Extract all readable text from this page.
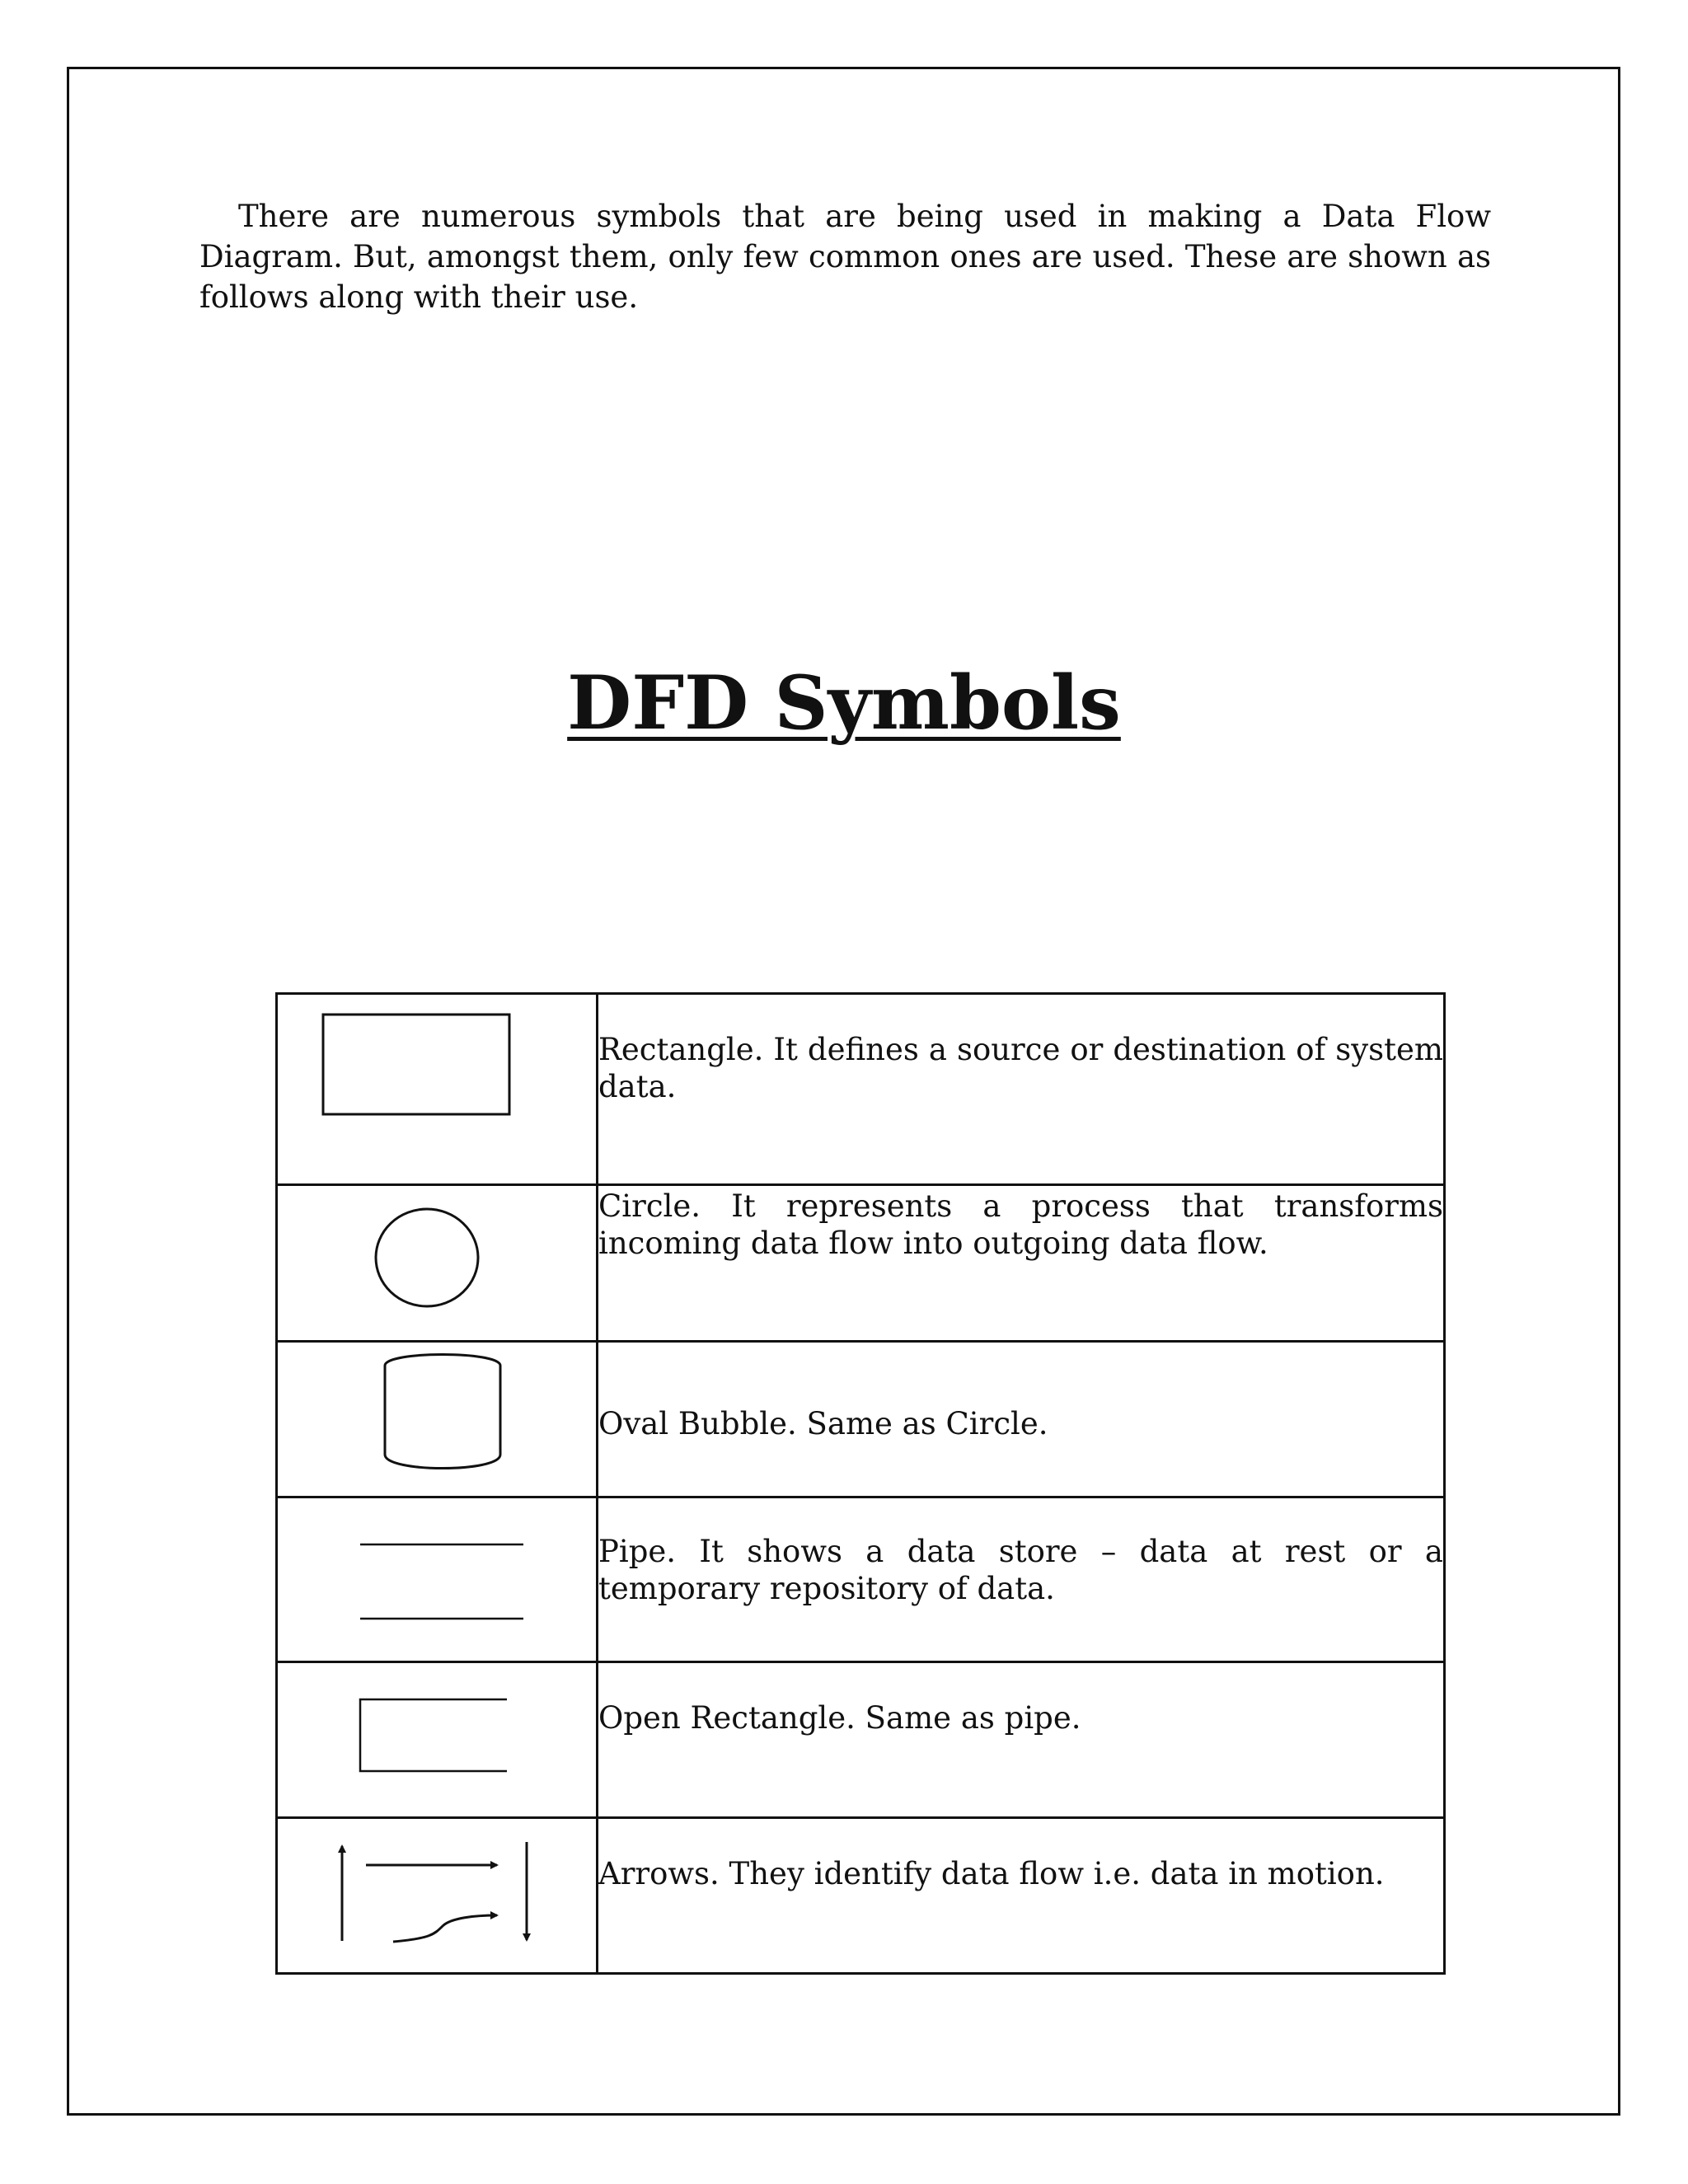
There are numerous symbols that are being used in making a Data Flow Diagram. But, amongst them, only few common ones are used. These are shown as follows along with their use.

DFD Symbols

Rectangle. It defines a source or destination of system data.

Circle. It represents a process that transforms incoming data flow into outgoing data flow.

Oval Bubble. Same as Circle.

Pipe. It shows a data store – data at rest or a temporary repository of data.

Open Rectangle. Same as pipe.

Arrows. They identify data flow i.e. data in motion.
